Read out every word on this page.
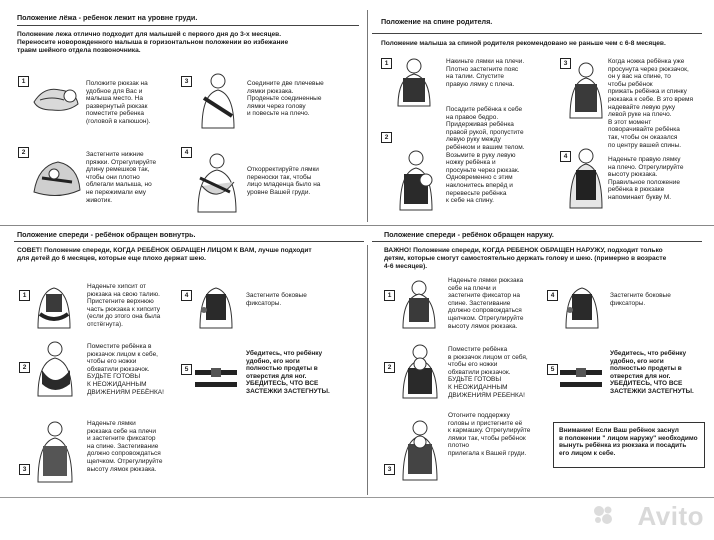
Положение лёжа - ребенок лежит на уровне груди.
Положение лежа отлично подходит для малышей с первого дня до 3-х месяцев.
Переносите новорожденного малыша в горизонтальном положении во избежание
травм шейного отдела позвоночника.
1	Положите рюкзак на
удобное для Вас и
малыша место. На
развернутый рюкзак
поместите ребенка
(головой в капюшон).
2	Застегните нижние
пряжки. Отрегулируйте
длину ремешков так,
чтобы они плотно
облегали малыша, но
не пережимали ему
животик.
3	Соедините две плечевые
лямки рюкзака.
Проденьте соединенные
лямки через голову
и повесьте на плечо.
4
Откорректируйте лямки
переноски так, чтобы
лицо младенца было на
уровне Вашей груди.
Положение на спине родителя.
Положение малыша за спиной родителя рекомендовано не раньше чем с 6-8 месяцев.
1	Накиньте лямки на плечи.
Плотно застегните пояс
на талии. Спустите
правую лямку с плеча.
2
Посадите ребёнка к себе
на правое бедро.
Придерживая ребёнка
правой рукой, пропустите
левую руку между
ребёнком и вашим телом.
Возьмите в руку левую
ножку ребёнка и
просуньте через рюкзак.
Одновременно с этим
наклонитесь вперёд и
перевесьте ребёнка
к себе на спину.
3	Когда ножка ребёнка уже
просунута через рюкзачок,
он у вас на спине, то
чтобы ребёнок
прижать ребёнка и спинку
рюкзака к себе. В это время
надевайте левую руку
левой руке на плечо.
В этот момент
поворачивайте ребёнка
так, чтобы он оказался
по центру вашей спины.
4	Наденьте правую лямку
на плечо. Отрегулируйте
высоту рюкзака.
Правильное положение
ребёнка в рюкзаке
напоминает букву М.
Положение спереди - ребёнок обращен вовнутрь.	Положение спереди - ребёнок обращен наружу.
СОВЕТ! Положение спереди, КОГДА РЕБЁНОК ОБРАЩЕН ЛИЦОМ К ВАМ, лучше подходит
для детей до 6 месяцев, которые еще плохо держат шею.
1
Наденьте хипсит от
рюкзака на свою талию.
Пристегните верхнюю
часть рюкзака к хипситу
(если до этого она была
отстёгнута).
2
Поместите ребёнка в
рюкзачок лицом к себе,
чтобы его ножки
обхватили рюкзачок.
БУДЬТЕ ГОТОВЫ
К НЕОЖИДАННЫМ
ДВИЖЕНИЯМ РЕБЁНКА!
3
Наденьте лямки
рюкзака себе на плечи
и застегните фиксатор
на спине. Застегивание
должно сопровождаться
щелчком. Отрегулируйте
высоту лямок рюкзака.
4	Застегните боковые
фиксаторы.
5
Убедитесь, что ребёнку
удобно, его ноги
полностью продеты в
отверстия для ног.
УБЕДИТЕСЬ, ЧТО ВСЕ
ЗАСТЕЖКИ ЗАСТЕГНУТЫ.
ВАЖНО! Положение спереди, КОГДА РЕБЕНОК ОБРАЩЕН НАРУЖУ, подходит только
детям, которые смогут самостоятельно держать голову и шею. (примерно в возрасте
4-6 месяцев).
1
Наденьте лямки рюкзака
себе на плечи и
застегните фиксатор на
спине. Застегивание
должно сопровождаться
щелчком. Отрегулируйте
высоту лямок рюкзака.
2
Поместите ребёнка
в рюкзачок лицом от себя,
чтобы его ножки
обхватили рюкзачок.
БУДЬТЕ ГОТОВЫ
К НЕОЖИДАННЫМ
ДВИЖЕНИЯМ РЕБЕНКА!
3
Отогните поддержку
головы и пристегните её
к кармашку. Отрегулируйте
лямки так, чтобы ребёнок
плотно
прилегала к Вашей груди.
4	Застегните боковые
фиксаторы.
5
Убедитесь, что ребёнку
удобно, его ноги
полностью продеты в
отверстия для ног.
УБЕДИТЕСЬ, ЧТО ВСЕ
ЗАСТЕЖКИ ЗАСТЕГНУТЫ.
Внимание! Если Ваш ребёнок заснул
в положении " лицом наружу" необходимо
вынуть ребёнка из рюкзака и посадить
его лицом к себе.
Avito
